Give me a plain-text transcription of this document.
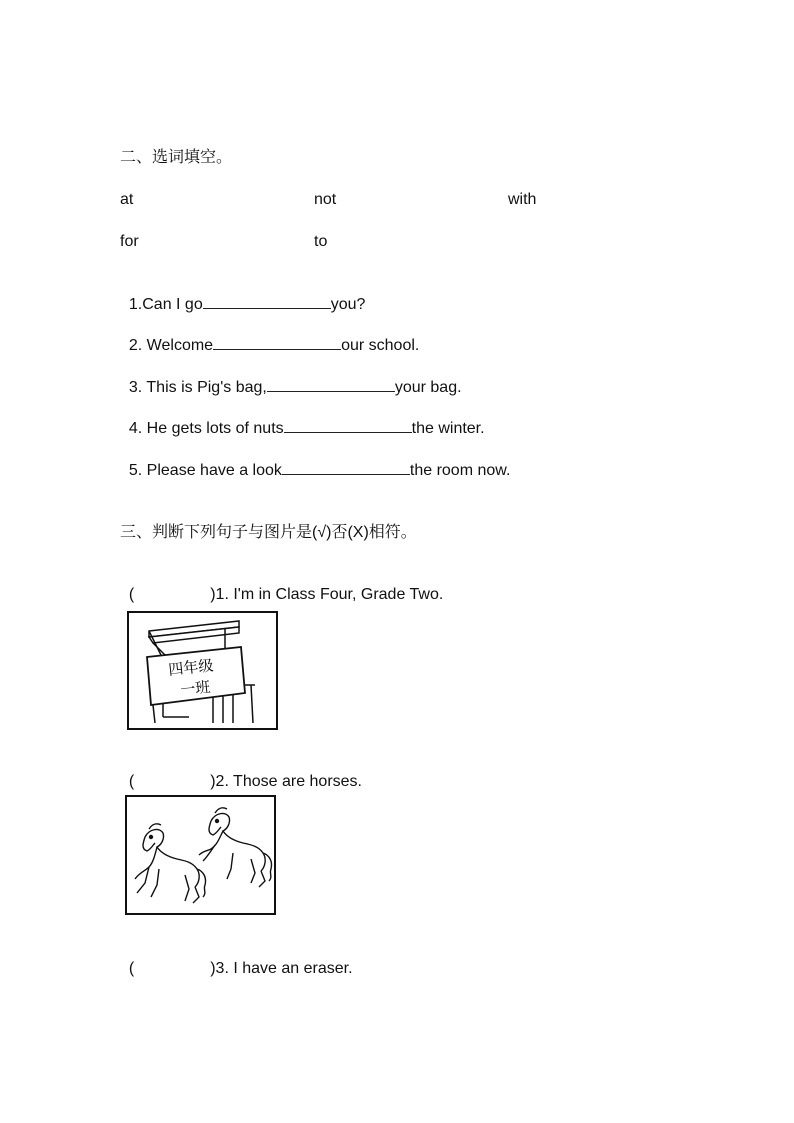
二、选词填空。
at	not	with
for	to

1.Can I go	you?

2. Welcome	our school.

3. This is Pig's bag,	your bag.

4. He gets lots of nuts	the winter.

5. Please have a look	the room now.

三、判断下列句子与图片是(√)否(X)相符。

(	)1. I'm in Class Four, Grade Two.

四年级
一班

(	)2. Those are horses.

(	)3. I have an eraser.
